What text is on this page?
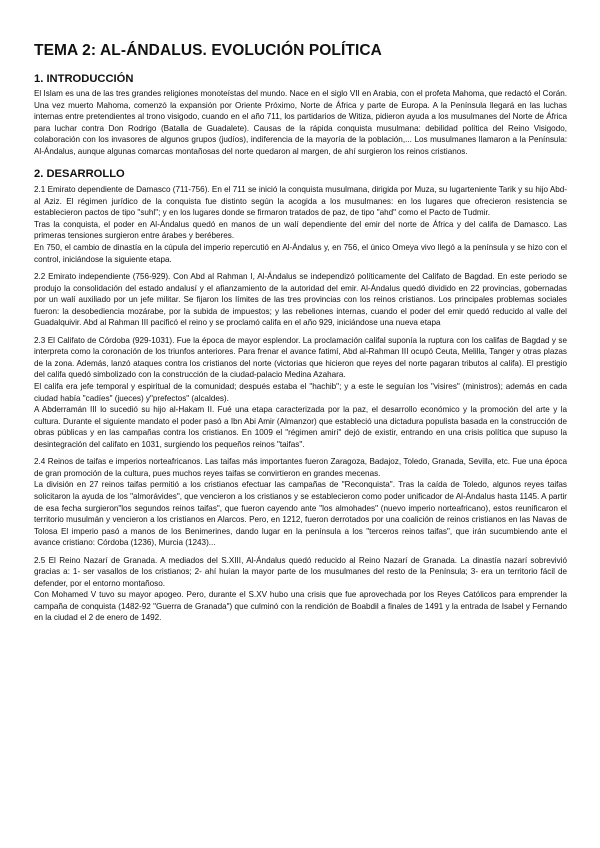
TEMA 2: AL-ÁNDALUS. EVOLUCIÓN POLÍTICA
1. INTRODUCCIÓN

El Islam es una de las tres grandes religiones monoteístas del mundo. Nace en el siglo VII en Arabia, con el profeta Mahoma, que redactó el Corán. Una vez muerto Mahoma, comenzó la expansión por Oriente Próximo, Norte de África y parte de Europa. A la Península llegará en las luchas internas entre pretendientes al trono visigodo, cuando en el año 711, los partidarios de Witiza, pidieron ayuda a los musulmanes del Norte de África para luchar contra Don Rodrigo (Batalla de Guadalete). Causas de la rápida conquista musulmana: debilidad política del Reino Visigodo, colaboración con los invasores de algunos grupos (judíos), indiferencia de la mayoría de la población,... Los musulmanes llamaron a la Península: Al-Ándalus, aunque algunas comarcas montañosas del norte quedaron al margen, de ahí surgieron los reinos cristianos.

2. DESARROLLO

2.1 Emirato dependiente de Damasco (711-756). En el 711 se inició la conquista musulmana, dirigida por Muza, su lugarteniente Tarik y su hijo Abd-al Aziz. El régimen jurídico de la conquista fue distinto según la acogida a los musulmanes: en los lugares que ofrecieron resistencia se establecieron pactos de tipo "suhl"; y en los lugares donde se firmaron tratados de paz, de tipo "ahd" como el Pacto de Tudmir.

Tras la conquista, el poder en Al-Ándalus quedó en manos de un walí dependiente del emir del norte de África y del califa de Damasco. Las primeras tensiones surgieron entre árabes y beréberes.

En 750, el cambio de dinastía en la cúpula del imperio repercutió en Al-Ándalus y, en 756, el único Omeya vivo llegó a la península y se hizo con el control, iniciándose la siguiente etapa.

2.2 Emirato independiente (756-929). Con Abd al Rahman I, Al-Ándalus se independizó políticamente del Califato de Bagdad. En este periodo se produjo la consolidación del estado andalusí y el afianzamiento de la autoridad del emir. Al-Ándalus quedó dividido en 22 provincias, gobernadas por un walí auxiliado por un jefe militar. Se fijaron los límites de las tres provincias con los reinos cristianos. Los principales problemas sociales fueron: la desobediencia mozárabe, por la subida de impuestos; y las rebeliones internas, cuando el poder del emir quedó reducido al valle del Guadalquivir. Abd al Rahman III pacificó el reino y se proclamó califa en el año 929, iniciándose una nueva etapa

2.3 El Califato de Córdoba (929-1031). Fue la época de mayor esplendor. La proclamación califal suponía la ruptura con los califas de Bagdad y se interpreta como la coronación de los triunfos anteriores. Para frenar el avance fatimí, Abd al-Rahman III ocupó Ceuta, Melilla, Tanger y otras plazas de la zona. Además, lanzó ataques contra los cristianos del norte (victorias que hicieron que reyes del norte pagaran tributos al califa). El prestigio del califa quedó simbolizado con la construcción de la ciudad-palacio Medina Azahara.

El califa era jefe temporal y espiritual de la comunidad; después estaba el "hachib"; y a este le seguían los "visires" (ministros); además en cada ciudad había "cadíes" (jueces) y"prefectos" (alcaldes).

A Abderramán III lo sucedió su hijo al-Hakam II. Fué una etapa caracterizada por la paz, el desarrollo económico y la promoción del arte y la cultura. Durante el siguiente mandato el poder pasó a Ibn Abi Amir (Almanzor) que estableció una dictadura populista basada en la construcción de obras públicas y en las campañas contra los cristianos. En 1009 el "régimen amirí" dejó de existir, entrando en una crisis política que supuso la desintegración del califato en 1031, surgiendo los pequeños reinos "taifas".

2.4 Reinos de taifas e imperios norteafricanos. Las taifas más importantes fueron Zaragoza, Badajoz, Toledo, Granada, Sevilla, etc. Fue una época de gran promoción de la cultura, pues muchos reyes taifas se convirtieron en grandes mecenas.

La división en 27 reinos taifas permitió a los cristianos efectuar las campañas de "Reconquista". Tras la caída de Toledo, algunos reyes taifas solicitaron la ayuda de los "almorávides", que vencieron a los cristianos y se establecieron como poder unificador de Al-Ándalus hasta 1145. A partir de esa fecha surgieron"los segundos reinos taifas", que fueron cayendo ante "los almohades" (nuevo imperio norteafricano), estos reunificaron el territorio musulmán y vencieron a los cristianos en Alarcos. Pero, en 1212, fueron derrotados por una coalición de reinos cristianos en las Navas de Tolosa El imperio pasó a manos de los Benimerines, dando lugar en la península a los "terceros reinos taifas", que irán sucumbiendo ante el avance cristiano: Córdoba (1236), Murcia (1243)...

2.5 El Reino Nazarí de Granada. A mediados del S.XIII, Al-Ándalus quedó reducido al Reino Nazarí de Granada. La dinastía nazarí sobrevivió gracias a: 1- ser vasallos de los cristianos; 2- ahí huían la mayor parte de los musulmanes del resto de la Península; 3- era un territorio fácil de defender, por el entorno montañoso.

Con Mohamed V tuvo su mayor apogeo. Pero, durante el S.XV hubo una crisis que fue aprovechada por los Reyes Católicos para emprender la campaña de conquista (1482-92 "Guerra de Granada") que culminó con la rendición de Boabdil a finales de 1491 y la entrada de Isabel y Fernando en la ciudad el 2 de enero de 1492.
